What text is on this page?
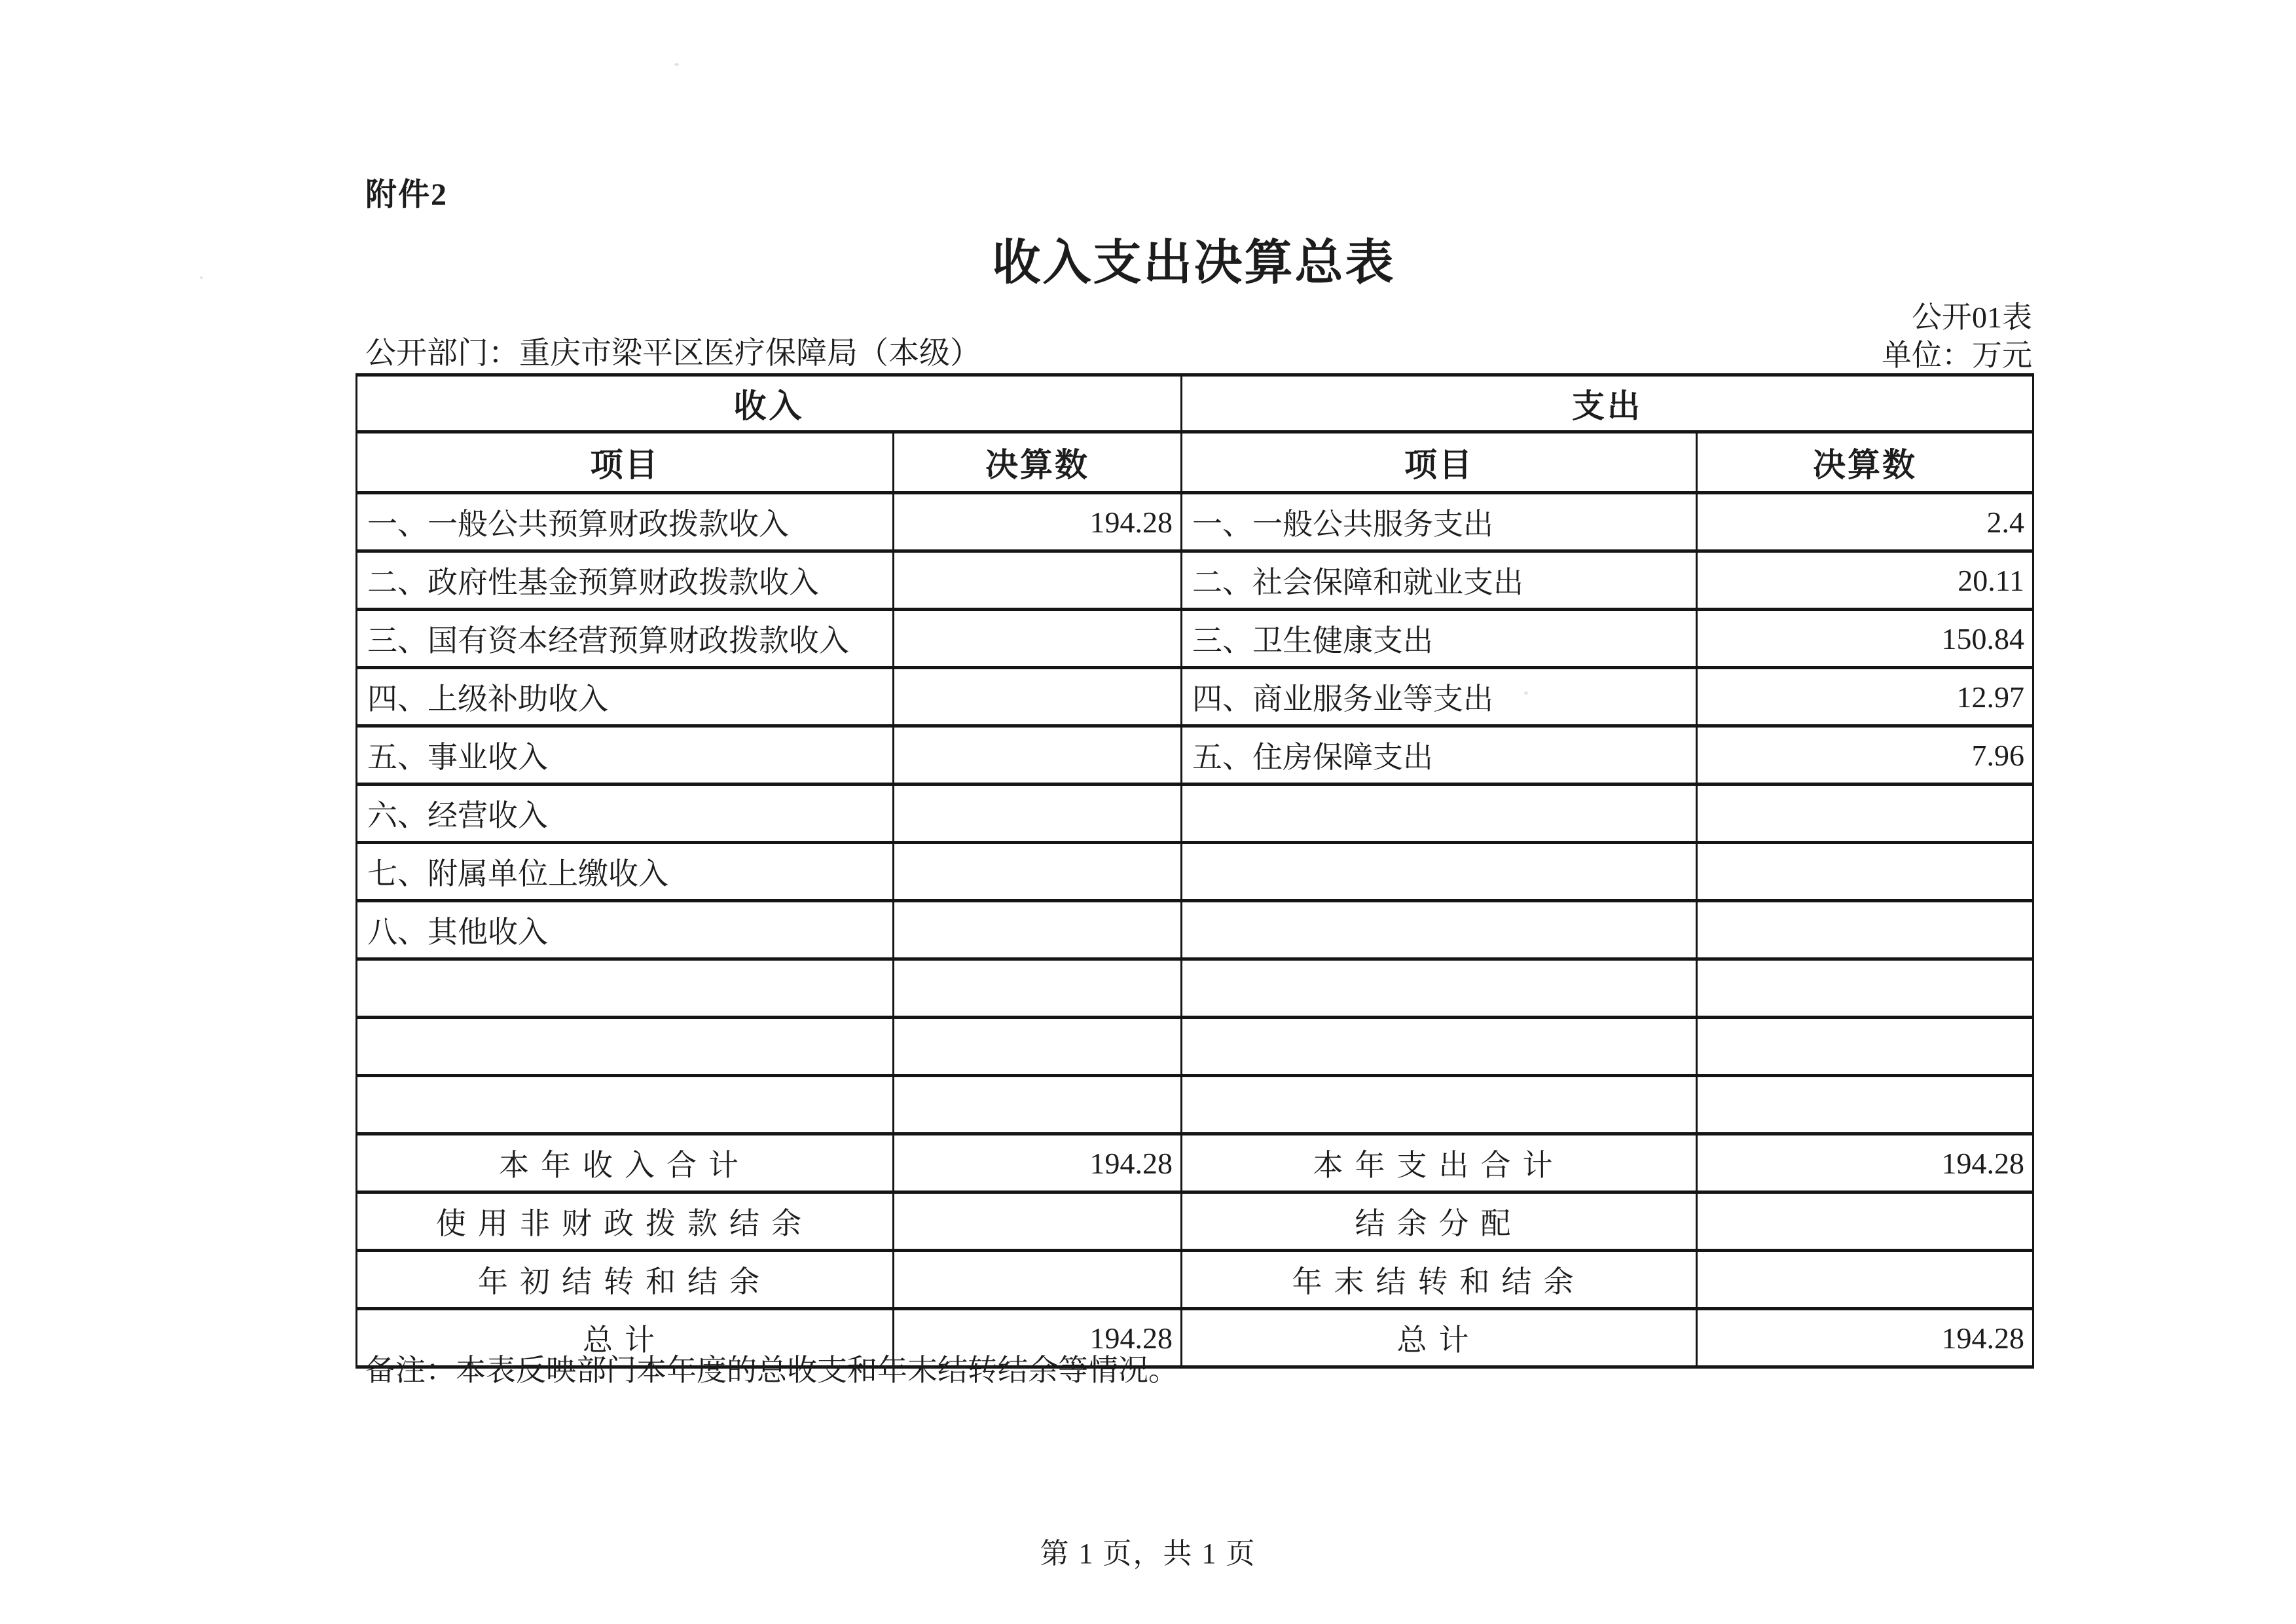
附件2
收入支出决算总表
公开01表
单位：万元
公开部门：重庆市梁平区医疗保障局（本级）
收入		支出	
项目	决算数	项目	决算数
一、一般公共预算财政拨款收入	194.28	一、一般公共服务支出	2.4
二、政府性基金预算财政拨款收入		二、社会保障和就业支出	20.11
三、国有资本经营预算财政拨款收入		三、卫生健康支出	150.84
四、上级补助收入		四、商业服务业等支出	12.97
五、事业收入		五、住房保障支出	7.96
六、经营收入			
七、附属单位上缴收入			
八、其他收入			

本年收入合计	194.28	本年支出合计	194.28
使用非财政拨款结余		结余分配	
年初结转和结余		年末结转和结余	
总计	194.28	总计	194.28
备注：本表反映部门本年度的总收支和年末结转结余等情况。
第 1 页，共 1 页
